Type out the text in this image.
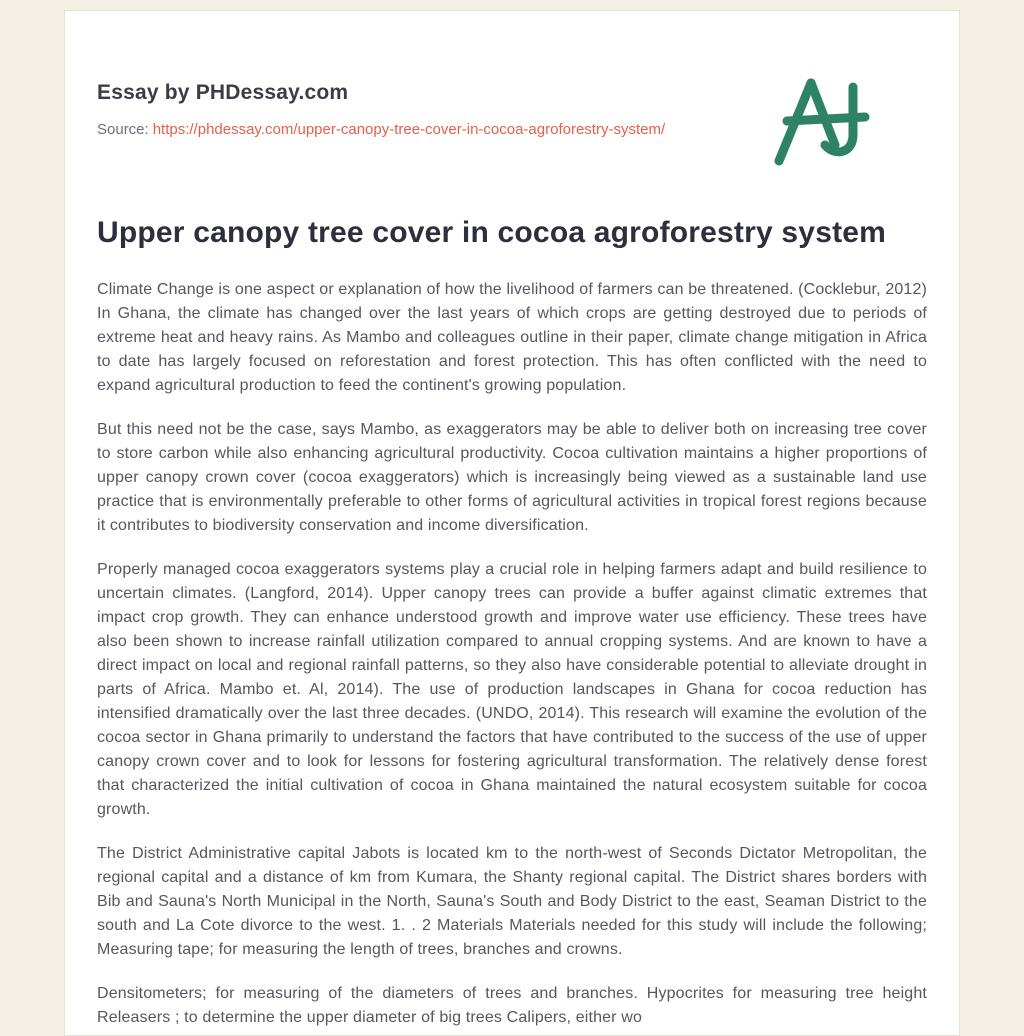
Essay by PHDessay.com
Source: https://phdessay.com/upper-canopy-tree-cover-in-cocoa-agroforestry-system/
Upper canopy tree cover in cocoa agroforestry system

Climate Change is one aspect or explanation of how the livelihood of farmers can be threatened. (Cocklebur, 2012) In Ghana, the climate has changed over the last years of which crops are getting destroyed due to periods of extreme heat and heavy rains. As Mambo and colleagues outline in their paper, climate change mitigation in Africa to date has largely focused on reforestation and forest protection. This has often conflicted with the need to expand agricultural production to feed the continent's growing population.

But this need not be the case, says Mambo, as exaggerators may be able to deliver both on increasing tree cover to store carbon while also enhancing agricultural productivity. Cocoa cultivation maintains a higher proportions of upper canopy crown cover (cocoa exaggerators) which is increasingly being viewed as a sustainable land use practice that is environmentally preferable to other forms of agricultural activities in tropical forest regions because it contributes to biodiversity conservation and income diversification.

Properly managed cocoa exaggerators systems play a crucial role in helping farmers adapt and build resilience to uncertain climates. (Langford, 2014). Upper canopy trees can provide a buffer against climatic extremes that impact crop growth. They can enhance understood growth and improve water use efficiency. These trees have also been shown to increase rainfall utilization compared to annual cropping systems. And are known to have a direct impact on local and regional rainfall patterns, so they also have considerable potential to alleviate drought in parts of Africa. Mambo et. Al, 2014). The use of production landscapes in Ghana for cocoa reduction has intensified dramatically over the last three decades. (UNDO, 2014). This research will examine the evolution of the cocoa sector in Ghana primarily to understand the factors that have contributed to the success of the use of upper canopy crown cover and to look for lessons for fostering agricultural transformation. The relatively dense forest that characterized the initial cultivation of cocoa in Ghana maintained the natural ecosystem suitable for cocoa growth.

The District Administrative capital Jabots is located km to the north-west of Seconds Dictator Metropolitan, the regional capital and a distance of km from Kumara, the Shanty regional capital. The District shares borders with Bib and Sauna's North Municipal in the North, Sauna's South and Body District to the east, Seaman District to the south and La Cote divorce to the west. 1. . 2 Materials Materials needed for this study will include the following; Measuring tape; for measuring the length of trees, branches and crowns.

Densitometers; for measuring of the diameters of trees and branches. Hypocrites for measuring tree height Releasers ; to determine the upper diameter of big trees Calipers, either wo
